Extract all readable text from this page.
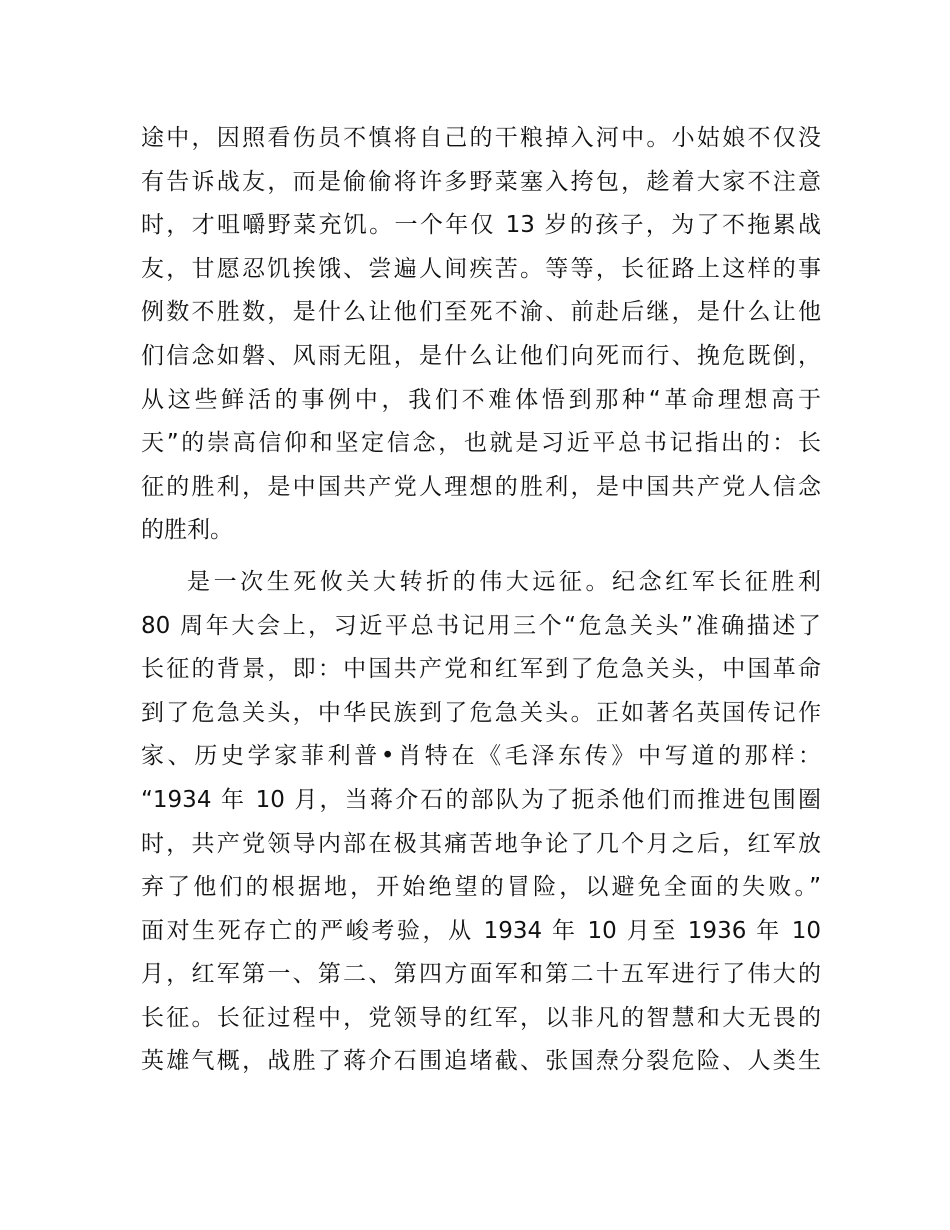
途中，因照看伤员不慎将自己的干粮掉入河中。小姑娘不仅没
有告诉战友，而是偷偷将许多野菜塞入挎包，趁着大家不注意
时，才咀嚼野菜充饥。一个年仅 13 岁的孩子，为了不拖累战
友，甘愿忍饥挨饿、尝遍人间疾苦。等等，长征路上这样的事
例数不胜数，是什么让他们至死不渝、前赴后继，是什么让他
们信念如磐、风雨无阻，是什么让他们向死而行、挽危既倒，
从这些鲜活的事例中，我们不难体悟到那种“革命理想高于
天”的崇高信仰和坚定信念，也就是习近平总书记指出的：长
征的胜利，是中国共产党人理想的胜利，是中国共产党人信念
的胜利。
是一次生死攸关大转折的伟大远征。纪念红军长征胜利
80 周年大会上，习近平总书记用三个“危急关头”准确描述了
长征的背景，即：中国共产党和红军到了危急关头，中国革命
到了危急关头，中华民族到了危急关头。正如著名英国传记作
家、历史学家菲利普•肖特在《毛泽东传》中写道的那样：
“1934 年 10 月，当蒋介石的部队为了扼杀他们而推进包围圈
时，共产党领导内部在极其痛苦地争论了几个月之后，红军放
弃了他们的根据地，开始绝望的冒险，以避免全面的失败。”
面对生死存亡的严峻考验，从 1934 年 10 月至 1936 年 10
月，红军第一、第二、第四方面军和第二十五军进行了伟大的
长征。长征过程中，党领导的红军，以非凡的智慧和大无畏的
英雄气概，战胜了蒋介石围追堵截、张国焘分裂危险、人类生
